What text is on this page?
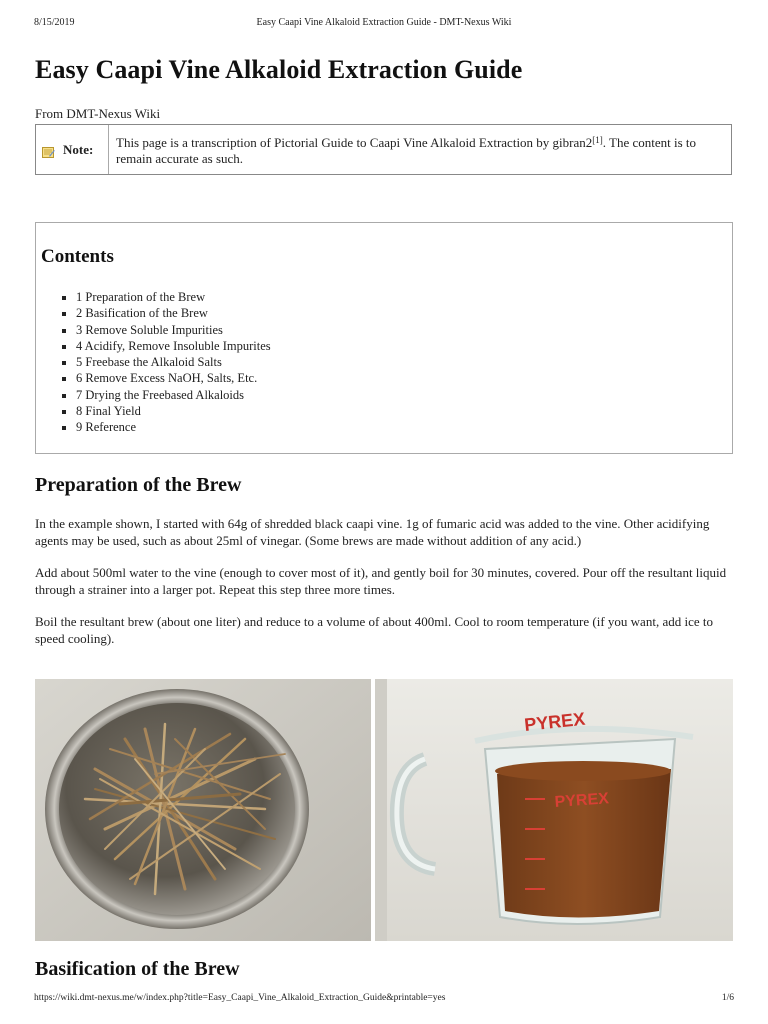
8/15/2019	Easy Caapi Vine Alkaloid Extraction Guide - DMT-Nexus Wiki
Easy Caapi Vine Alkaloid Extraction Guide
From DMT-Nexus Wiki
Note:	This page is a transcription of Pictorial Guide to Caapi Vine Alkaloid Extraction by gibran2[1]. The content is to remain accurate as such.
Contents
1 Preparation of the Brew
2 Basification of the Brew
3 Remove Soluble Impurities
4 Acidify, Remove Insoluble Impurites
5 Freebase the Alkaloid Salts
6 Remove Excess NaOH, Salts, Etc.
7 Drying the Freebased Alkaloids
8 Final Yield
9 Reference
Preparation of the Brew

In the example shown, I started with 64g of shredded black caapi vine. 1g of fumaric acid was added to the vine. Other acidifying agents may be used, such as about 25ml of vinegar. (Some brews are made without addition of any acid.)

Add about 500ml water to the vine (enough to cover most of it), and gently boil for 30 minutes, covered. Pour off the resultant liquid through a strainer into a larger pot. Repeat this step three more times.

Boil the resultant brew (about one liter) and reduce to a volume of about 400ml. Cool to room temperature (if you want, add ice to speed cooling).

PYREX
PYREX
Basification of the Brew
https://wiki.dmt-nexus.me/w/index.php?title=Easy_Caapi_Vine_Alkaloid_Extraction_Guide&printable=yes	1/6
